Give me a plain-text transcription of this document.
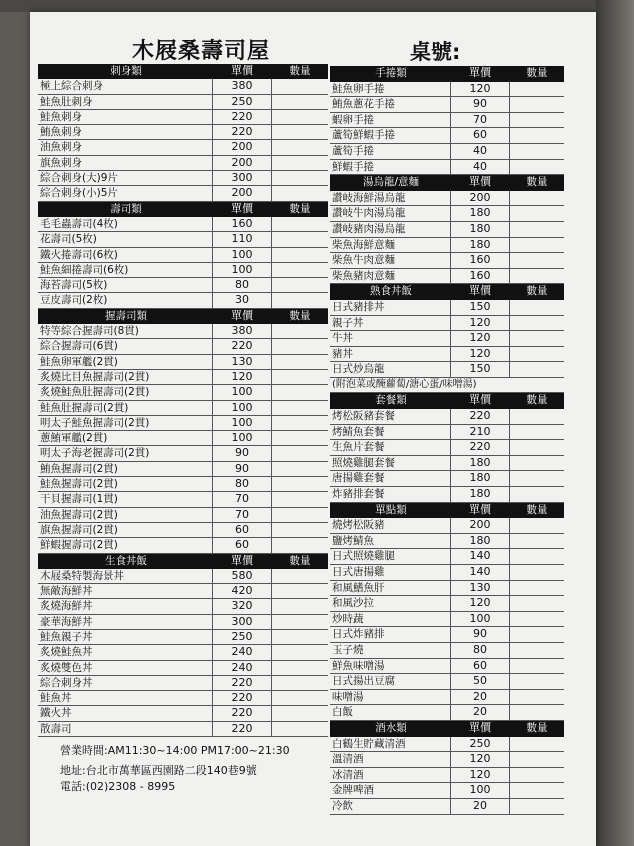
木屐桑壽司屋	桌號:
刺身類	單價	數量
極上綜合刺身	380
鮭魚肚刺身	250
鮭魚刺身	220
鮪魚刺身	220
油魚刺身	200
旗魚刺身	200
綜合刺身(大)9片	300
綜合刺身(小)5片	200
壽司類	單價	數量
毛毛蟲壽司(4枚)	160
花壽司(5枚)	110
鐵火捲壽司(6枚)	100
鮭魚細捲壽司(6枚)	100
海苔壽司(5枚)	80
豆皮壽司(2枚)	30
握壽司類	單價	數量
特等綜合握壽司(8貫)	380
綜合握壽司(6貫)	220
鮭魚卵軍艦(2貫)	130
炙燒比目魚握壽司(2貫)	120
炙燒鮭魚肚握壽司(2貫)	100
鮭魚肚握壽司(2貫)	100
明太子鮭魚握壽司(2貫)	100
蔥鮪軍艦(2貫)	100
明太子海老握壽司(2貫)	90
鮪魚握壽司(2貫)	90
鮭魚握壽司(2貫)	80
干貝握壽司(1貫)	70
油魚握壽司(2貫)	70
旗魚握壽司(2貫)	60
鮮蝦握壽司(2貫)	60
生食丼飯	單價	數量
木屐桑特製海景丼	580
無敵海鮮丼	420
炙燒海鮮丼	320
豪華海鮮丼	300
鮭魚親子丼	250
炙燒鮭魚丼	240
炙燒雙色丼	240
綜合刺身丼	220
鮭魚丼	220
鐵火丼	220
散壽司	220
手捲類	單價	數量
鮭魚卵手捲	120
鮪魚蔥花手捲	90
蝦卵手捲	70
蘆筍鮮蝦手捲	60
蘆筍手捲	40
鮮蝦手捲	40
湯烏龍/意麵	單價	數量
讚岐海鮮湯烏龍	200
讚岐牛肉湯烏龍	180
讚岐豬肉湯烏龍	180
柴魚海鮮意麵	180
柴魚牛肉意麵	160
柴魚豬肉意麵	160
熟食丼飯	單價	數量
日式豬排丼	150
親子丼	120
牛丼	120
豬丼	120
日式炒烏龍	150
(附泡菜或醃蘿蔔/溏心蛋/味噌湯)
套餐類	單價	數量
烤松阪豬套餐	220
烤鯖魚套餐	210
生魚片套餐	220
照燒雞腿套餐	180
唐揚雞套餐	180
炸豬排套餐	180
單點類	單價	數量
燒烤松阪豬	200
鹽烤鯖魚	180
日式照燒雞腿	140
日式唐揚雞	140
和風鰭魚肝	130
和風沙拉	120
炒時蔬	100
日式炸豬排	90
玉子燒	80
鮮魚味噌湯	60
日式揚出豆腐	50
味噌湯	20
白飯	20
酒水類	單價	數量
白鶴生貯藏清酒	250
溫清酒	120
冰清酒	120
金牌啤酒	100
冷飲	20
營業時間:AM11:30~14:00 PM17:00~21:30
地址:台北市萬華區西園路二段140巷9號
電話:(02)2308 - 8995
